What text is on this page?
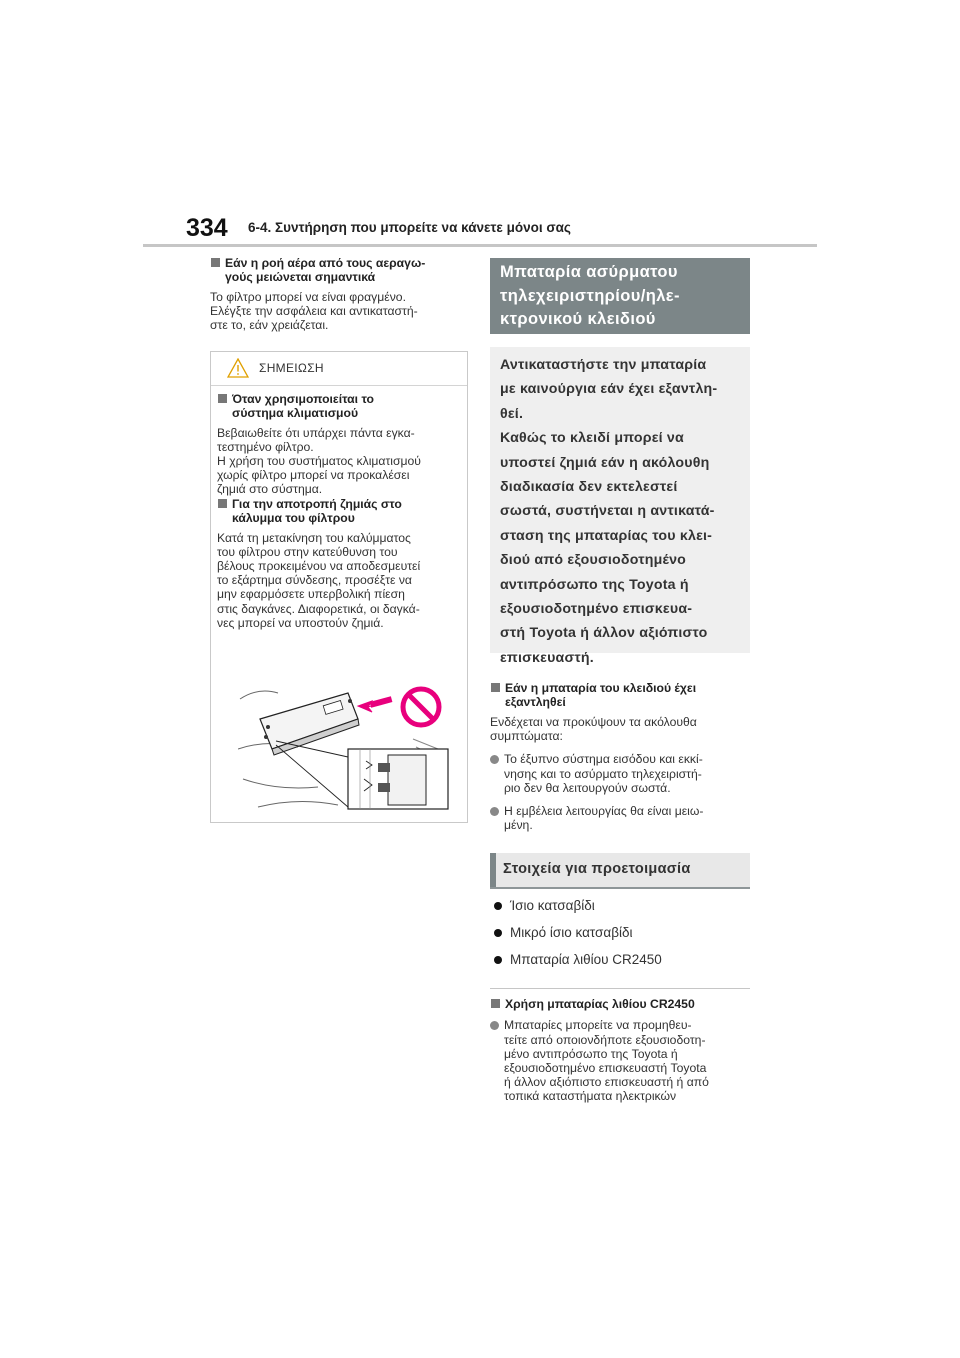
334 6-4. Συντήρηση που μπορείτε να κάνετε μόνοι σας
Εάν η ροή αέρα από τους αεραγω-
γούς μειώνεται σημαντικά
Το φίλτρο μπορεί να είναι φραγμένο.
Ελέγξτε την ασφάλεια και αντικαταστή-
στε το, εάν χρειάζεται.
ΣΗΜΕΙΩΣΗ
Όταν χρησιμοποιείται το
σύστημα κλιματισμού
Βεβαιωθείτε ότι υπάρχει πάντα εγκα-
τεστημένο φίλτρο.
Η χρήση του συστήματος κλιματισμού
χωρίς φίλτρο μπορεί να προκαλέσει
ζημιά στο σύστημα.
Για την αποτροπή ζημιάς στο
κάλυμμα του φίλτρου
Κατά τη μετακίνηση του καλύμματος
του φίλτρου στην κατεύθυνση του
βέλους προκειμένου να αποδεσμευτεί
το εξάρτημα σύνδεσης, προσέξτε να
μην εφαρμόσετε υπερβολική πίεση
στις δαγκάνες. Διαφορετικά, οι δαγκά-
νες μπορεί να υποστούν ζημιά.
Μπαταρία ασύρματου
τηλεχειριστηρίου/ηλε-
κτρονικού κλειδιού
Αντικαταστήστε την μπαταρία
με καινούργια εάν έχει εξαντλη-
θεί.
Καθώς το κλειδί μπορεί να
υποστεί ζημιά εάν η ακόλουθη
διαδικασία δεν εκτελεστεί
σωστά, συστήνεται η αντικατά-
σταση της μπαταρίας του κλει-
διού από εξουσιοδοτημένο
αντιπρόσωπο της Toyota ή
εξουσιοδοτημένο επισκευα-
στή Toyota ή άλλον αξιόπιστο
επισκευαστή.
Εάν η μπαταρία του κλειδιού έχει
εξαντληθεί
Ενδέχεται να προκύψουν τα ακόλουθα
συμπτώματα:
Το έξυπνο σύστημα εισόδου και εκκί-
νησης και το ασύρματο τηλεχειριστή-
ριο δεν θα λειτουργούν σωστά.
Η εμβέλεια λειτουργίας θα είναι μειω-
μένη.
Στοιχεία για προετοιμασία
Ίσιο κατσαβίδι
Μικρό ίσιο κατσαβίδι
Μπαταρία λιθίου CR2450
Χρήση μπαταρίας λιθίου CR2450
Μπαταρίες μπορείτε να προμηθευ-
τείτε από οποιονδήποτε εξουσιοδοτη-
μένο αντιπρόσωπο της Toyota ή
εξουσιοδοτημένο επισκευαστή Toyota
ή άλλον αξιόπιστο επισκευαστή ή από
τοπικά καταστήματα ηλεκτρικών
